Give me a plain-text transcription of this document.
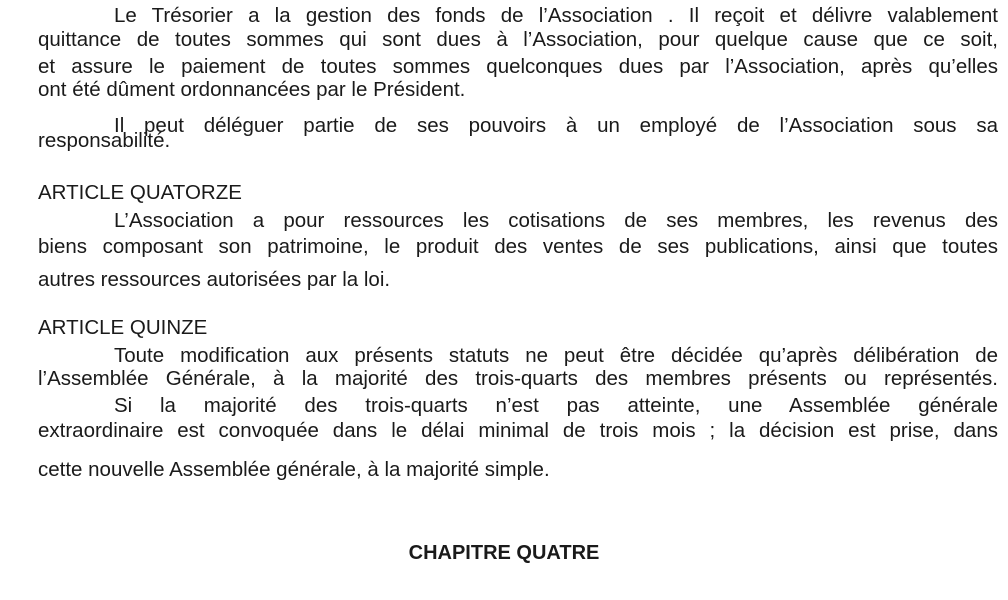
Le Trésorier a la gestion des fonds de l’Association . Il reçoit et délivre valablement
quittance de toutes sommes qui sont dues à l’Association, pour quelque cause que ce soit,
et assure le paiement de toutes sommes quelconques dues par l’Association, après qu’elles
ont été dûment ordonnancées par le Président.
Il peut déléguer partie de ses pouvoirs à un employé de l’Association sous sa
responsabilité.
ARTICLE QUATORZE
L’Association a pour ressources les cotisations de ses membres, les revenus des
biens composant son patrimoine, le produit des ventes de ses publications, ainsi que toutes
autres ressources autorisées par la loi.
ARTICLE QUINZE
Toute modification aux présents statuts ne peut être décidée qu’après délibération de
l’Assemblée Générale, à la majorité des trois-quarts des membres présents ou représentés.
Si la majorité des trois-quarts n’est pas atteinte, une Assemblée générale
extraordinaire est convoquée dans le délai minimal de trois mois ; la décision est prise, dans
cette nouvelle Assemblée générale, à la majorité simple.
CHAPITRE QUATRE
